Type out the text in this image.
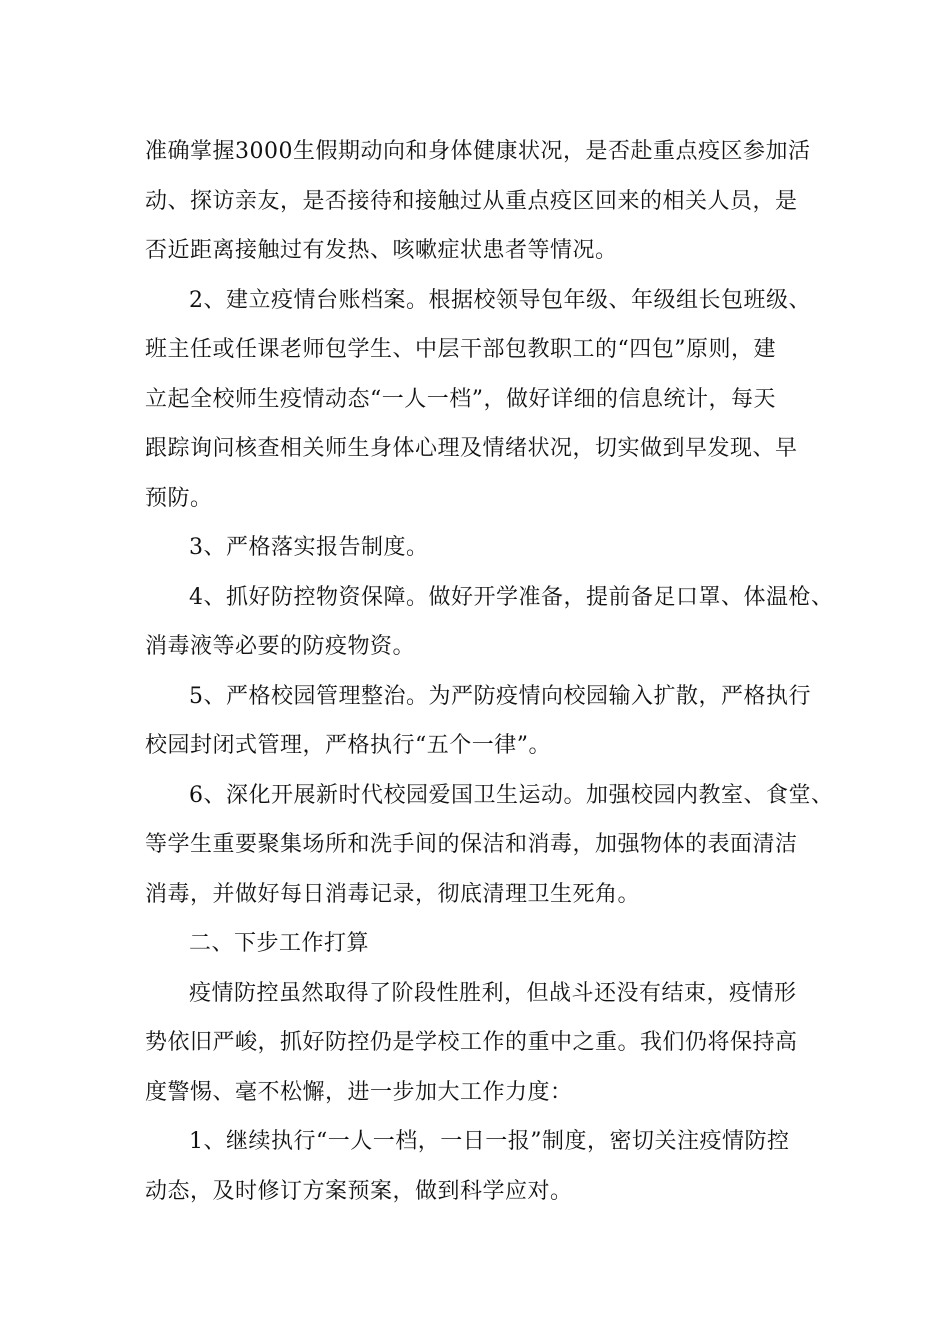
准确掌握3000生假期动向和身体健康状况，是否赴重点疫区参加活
动、探访亲友，是否接待和接触过从重点疫区回来的相关人员，是
否近距离接触过有发热、咳嗽症状患者等情况。

2、建立疫情台账档案。根据校领导包年级、年级组长包班级、
班主任或任课老师包学生、中层干部包教职工的“四包”原则，建
立起全校师生疫情动态“一人一档”，做好详细的信息统计，每天
跟踪询问核查相关师生身体心理及情绪状况，切实做到早发现、早
预防。

3、严格落实报告制度。

4、抓好防控物资保障。做好开学准备，提前备足口罩、体温枪、
消毒液等必要的防疫物资。

5、严格校园管理整治。为严防疫情向校园输入扩散，严格执行
校园封闭式管理，严格执行“五个一律”。

6、深化开展新时代校园爱国卫生运动。加强校园内教室、食堂、
等学生重要聚集场所和洗手间的保洁和消毒，加强物体的表面清洁
消毒，并做好每日消毒记录，彻底清理卫生死角。

二、下步工作打算

疫情防控虽然取得了阶段性胜利，但战斗还没有结束，疫情形
势依旧严峻，抓好防控仍是学校工作的重中之重。我们仍将保持高
度警惕、毫不松懈，进一步加大工作力度：

1、继续执行“一人一档，一日一报”制度，密切关注疫情防控
动态，及时修订方案预案，做到科学应对。
